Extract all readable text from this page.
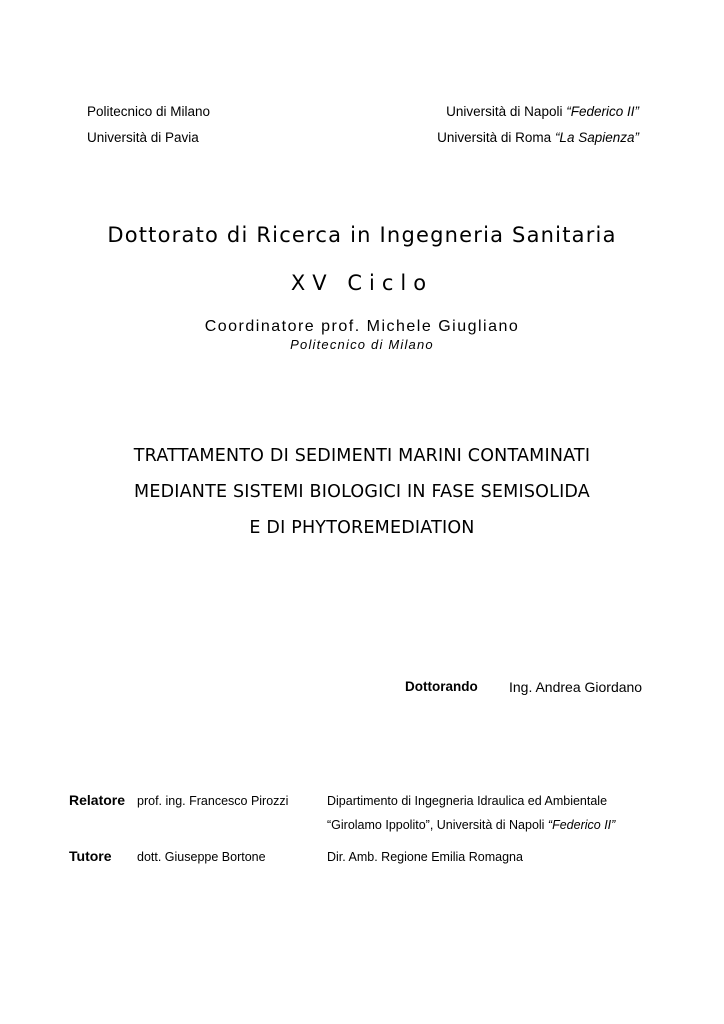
Politecnico di Milano
Università di Pavia
Università di Napoli “Federico II”
Università di Roma “La Sapienza”
Dottorato di Ricerca in Ingegneria Sanitaria
XV Ciclo
Coordinatore prof. Michele Giugliano
Politecnico di Milano
TRATTAMENTO DI SEDIMENTI MARINI CONTAMINATI
MEDIANTE SISTEMI BIOLOGICI IN FASE SEMISOLIDA
E DI PHYTOREMEDIATION
Dottorando Ing. Andrea Giordano
Relatore prof. ing. Francesco Pirozzi	Dipartimento di Ingegneria Idraulica ed Ambientale
“Girolamo Ippolito”, Università di Napoli “Federico II”
Tutore dott. Giuseppe Bortone	Dir. Amb. Regione Emilia Romagna
